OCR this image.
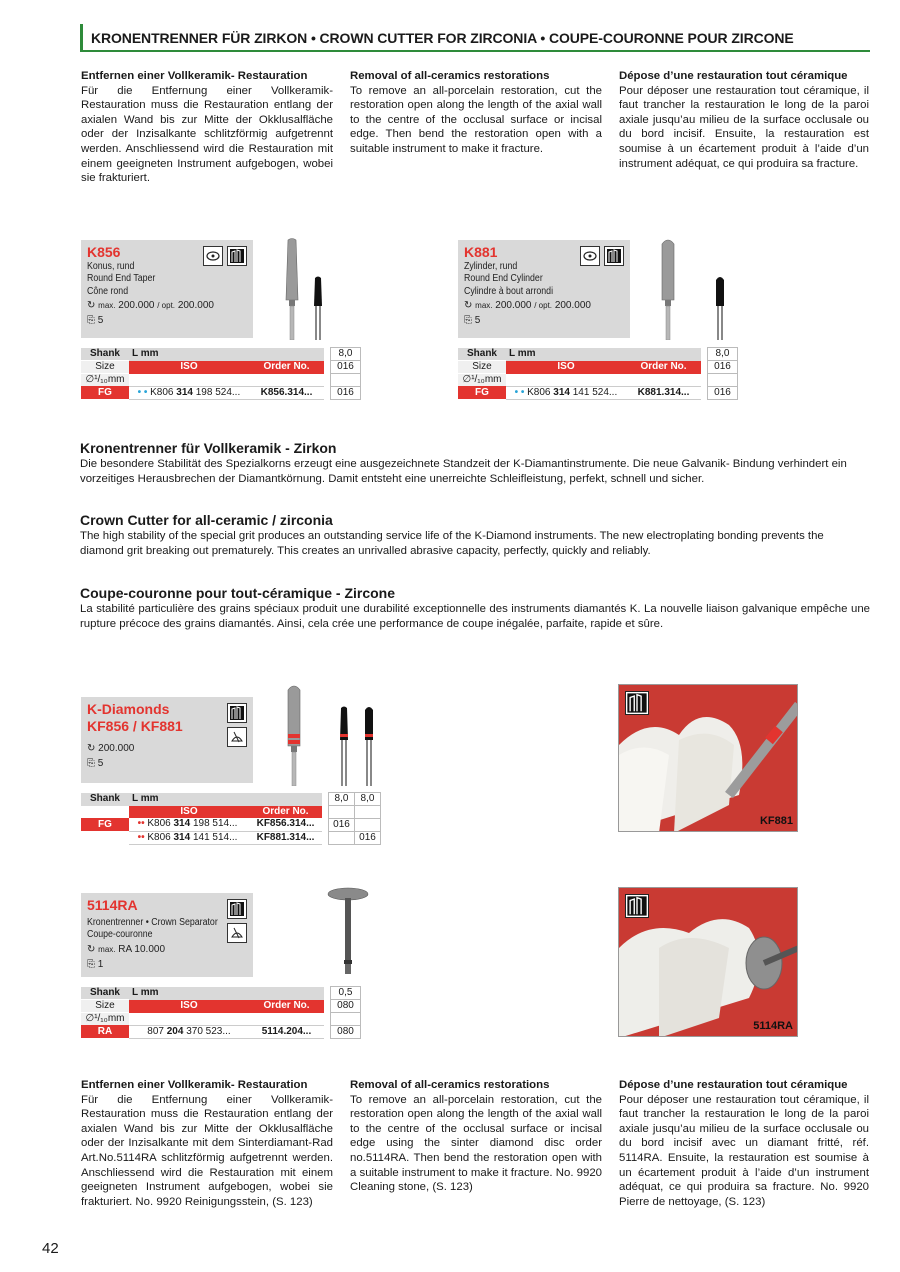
KRONENTRENNER FÜR ZIRKON • CROWN CUTTER FOR ZIRCONIA • COUPE-COURONNE POUR ZIRCONE
Entfernen einer Vollkeramik- Restauration

Für die Entfernung einer Vollkeramik-Restauration muss die Restauration entlang der axialen Wand bis zur Mitte der Okklusalfläche oder der Inzisalkante schlitzförmig aufgetrennt werden. Anschliessend wird die Restauration mit einem geeigneten Instrument aufgebogen, wobei sie frakturiert.

Removal of all-ceramics restorations

To remove an all-porcelain restoration, cut the restoration open along the length of the axial wall to the centre of the occlusal surface or incisal edge. Then bend the restoration open with a suitable instrument to make it fracture.

Dépose d’une restauration tout céramique

Pour déposer une restauration tout céramique, il faut trancher la restauration le long de la paroi axiale jusqu’au milieu de la surface occlusale ou du bord incisif. Ensuite, la restauration est soumise à un écartement produit à l’aide d’un instrument adéquat, ce qui produira sa fracture.

K856
Konus, rund
Round End Taper
Cône rond
↻ max. 200.000 / opt. 200.000
⎘ 5
Shank	L mm			8,0
Size	ISO	Order No.		016
∅¹/₁₀mm				
FG	• • K806 314 198 524...	K856.314...		016
K881
Zylinder, rund
Round End Cylinder
Cylindre à bout arrondi
↻ max. 200.000 / opt. 200.000
⎘ 5
Shank	L mm			8,0
Size	ISO	Order No.		016
∅¹/₁₀mm				
FG	• • K806 314 141 524...	K881.314...		016
Kronentrenner für Vollkeramik - Zirkon

Die besondere Stabilität des Spezialkorns erzeugt eine ausgezeichnete Standzeit der K-Diamantinstrumente. Die neue Galvanik- Bindung verhindert ein vorzeitiges Herausbrechen der Diamantkörnung. Damit entsteht eine unerreichte Schleifleistung, perfekt, schnell und sicher.

Crown Cutter for all-ceramic / zirconia

The high stability of the special grit produces an outstanding service life of the K-Diamond instruments. The new electroplating bonding prevents the diamond grit breaking out prematurely. This creates an unrivalled abrasive capacity, perfectly, quickly and reliably.

Coupe-couronne pour tout-céramique - Zircone

La stabilité particulière des grains spéciaux produit une durabilité exceptionnelle des instruments diamantés K. La nouvelle liaison galvanique empêche une rupture précoce des grains diamantés. Ainsi, cela crée une performance de coupe inégalée, parfaite, rapide et sûre.

K-Diamonds
KF856 / KF881
↻ 200.000
⎘ 5
Shank	L mm			8,0	8,0
	ISO	Order No.			
FG	•• K806 314 198 514...	KF856.314...		016	
	•• K806 314 141 514...	KF881.314...			016
5114RA
Kronentrenner • Crown Separator
Coupe-couronne
↻ max. RA 10.000
⎘ 1
Shank	L mm			0,5
Size	ISO	Order No.		080
∅¹/₁₀mm				
RA	807 204 370 523...	5114.204...		080
KF881
5114RA
Entfernen einer Vollkeramik- Restauration

Für die Entfernung einer Vollkeramik-Restauration muss die Restauration entlang der axialen Wand bis zur Mitte der Okklusalfläche oder der Inzisalkante mit dem Sinterdiamant-Rad Art.No.5114RA schlitzförmig aufgetrennt werden. Anschliessend wird die Restauration mit einem geeigneten Instrument aufgebogen, wobei sie frakturiert. No. 9920 Reinigungsstein, (S. 123)

Removal of all-ceramics restorations

To remove an all-porcelain restoration, cut the restoration open along the length of the axial wall to the centre of the occlusal surface or incisal edge using the sinter diamond disc order no.5114RA. Then bend the restoration open with a suitable instrument to make it fracture. No. 9920 Cleaning stone, (S. 123)

Dépose d’une restauration tout céramique

Pour déposer une restauration tout céramique, il faut trancher la restauration le long de la paroi axiale jusqu’au milieu de la surface occlusale ou du bord incisif avec un diamant fritté, réf. 5114RA. Ensuite, la restauration est soumise à un écartement produit à l’aide d’un instrument adéquat, ce qui produira sa fracture. No. 9920 Pierre de nettoyage, (S. 123)

42
